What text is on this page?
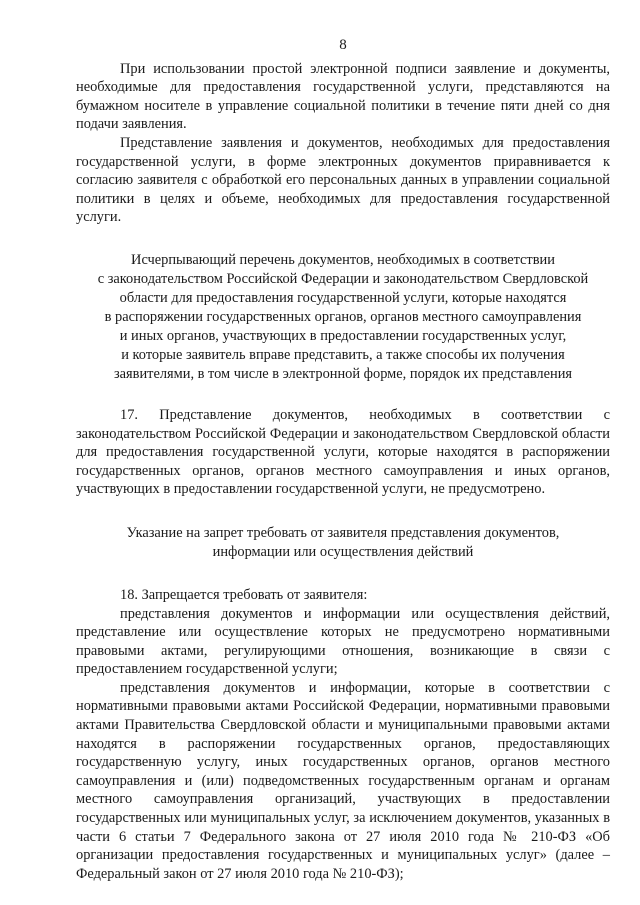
8

При использовании простой электронной подписи заявление и документы, необходимые для предоставления государственной услуги, представляются на бумажном носителе в управление социальной политики в течение пяти дней со дня подачи заявления.

Представление заявления и документов, необходимых для предоставления государственной услуги, в форме электронных документов приравнивается к согласию заявителя с обработкой его персональных данных в управлении социальной политики в целях и объеме, необходимых для предоставления государственной услуги.

Исчерпывающий перечень документов, необходимых в соответствии
с законодательством Российской Федерации и законодательством Свердловской
области для предоставления государственной услуги, которые находятся
в распоряжении государственных органов, органов местного самоуправления
и иных органов, участвующих в предоставлении государственных услуг,
и которые заявитель вправе представить, а также способы их получения
заявителями, в том числе в электронной форме, порядок их представления

17. Представление документов, необходимых в соответствии с законодательством Российской Федерации и законодательством Свердловской области для предоставления государственной услуги, которые находятся в распоряжении государственных органов, органов местного самоуправления и иных органов, участвующих в предоставлении государственной услуги, не предусмотрено.

Указание на запрет требовать от заявителя представления документов,
информации или осуществления действий

18. Запрещается требовать от заявителя:

представления документов и информации или осуществления действий, представление или осуществление которых не предусмотрено нормативными правовыми актами, регулирующими отношения, возникающие в связи с предоставлением государственной услуги;

представления документов и информации, которые в соответствии с нормативными правовыми актами Российской Федерации, нормативными правовыми актами Правительства Свердловской области и муниципальными правовыми актами находятся в распоряжении государственных органов, предоставляющих государственную услугу, иных государственных органов, органов местного самоуправления и (или) подведомственных государственным органам и органам местного самоуправления организаций, участвующих в предоставлении государственных или муниципальных услуг, за исключением документов, указанных в части 6 статьи 7 Федерального закона от 27 июля 2010 года № 210-ФЗ «Об организации предоставления государственных и муниципальных услуг» (далее – Федеральный закон от 27 июля 2010 года № 210-ФЗ);
